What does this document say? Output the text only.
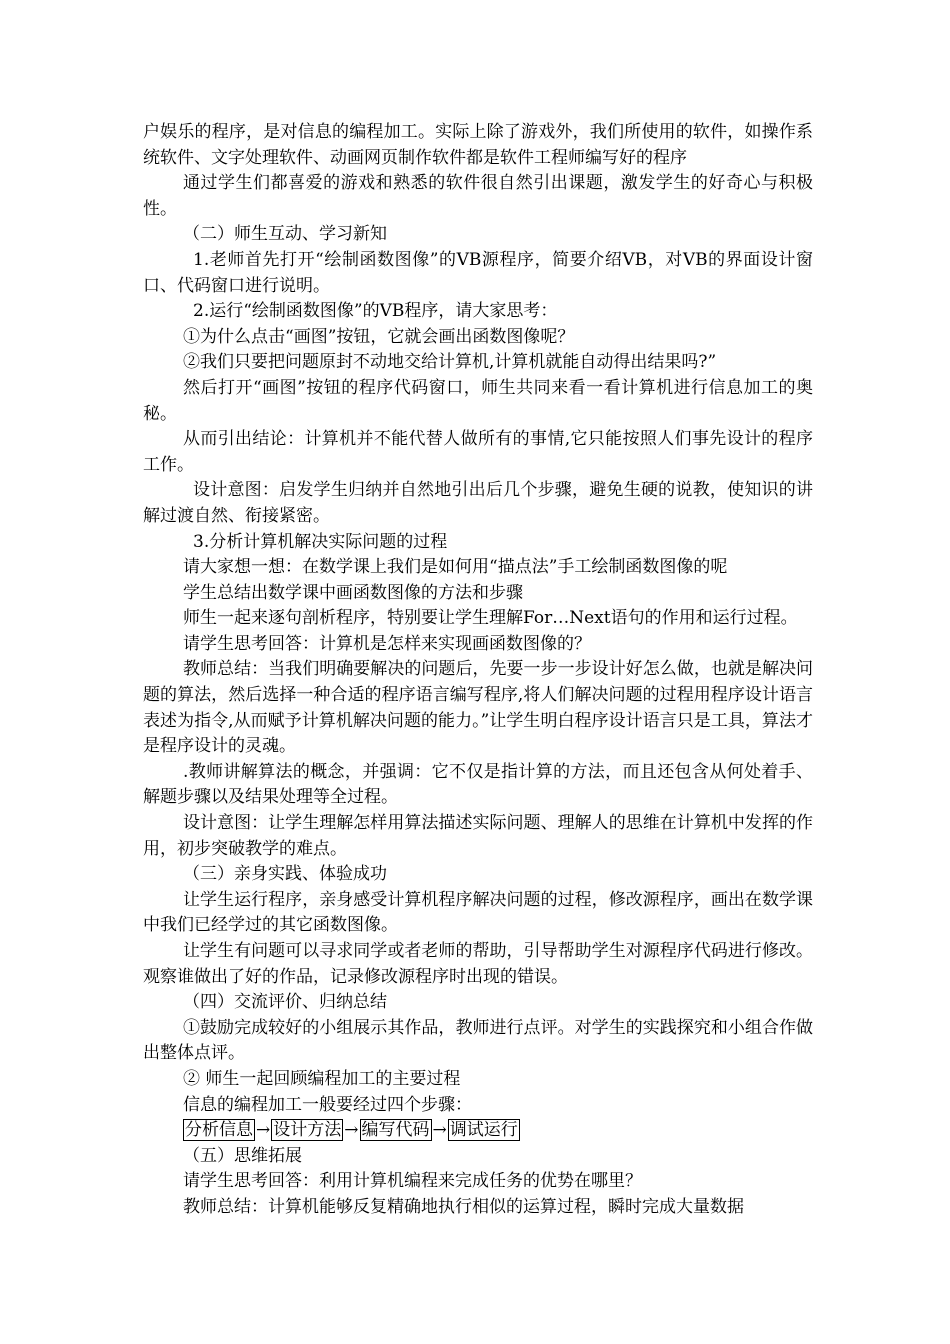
户娱乐的程序，是对信息的编程加工。实际上除了游戏外，我们所使用的软件，如操作系统软件、文字处理软件、动画网页制作软件都是软件工程师编写好的程序

通过学生们都喜爱的游戏和熟悉的软件很自然引出课题，激发学生的好奇心与积极性。

（二）师生互动、学习新知

1.老师首先打开“绘制函数图像”的VB源程序，简要介绍VB，对VB的界面设计窗口、代码窗口进行说明。

2.运行“绘制函数图像”的VB程序，请大家思考：

①为什么点击“画图”按钮，它就会画出函数图像呢？

②我们只要把问题原封不动地交给计算机,计算机就能自动得出结果吗?”

然后打开“画图”按钮的程序代码窗口，师生共同来看一看计算机进行信息加工的奥秘。

从而引出结论：计算机并不能代替人做所有的事情,它只能按照人们事先设计的程序工作。

设计意图：启发学生归纳并自然地引出后几个步骤，避免生硬的说教，使知识的讲解过渡自然、衔接紧密。

3.分析计算机解决实际问题的过程

请大家想一想：在数学课上我们是如何用“描点法”手工绘制函数图像的呢

学生总结出数学课中画函数图像的方法和步骤

师生一起来逐句剖析程序，特别要让学生理解For…Next语句的作用和运行过程。

请学生思考回答：计算机是怎样来实现画函数图像的？

教师总结：当我们明确要解决的问题后，先要一步一步设计好怎么做，也就是解决问题的算法，然后选择一种合适的程序语言编写程序,将人们解决问题的过程用程序设计语言表述为指令,从而赋予计算机解决问题的能力。”让学生明白程序设计语言只是工具，算法才是程序设计的灵魂。

.教师讲解算法的概念，并强调：它不仅是指计算的方法，而且还包含从何处着手、解题步骤以及结果处理等全过程。

设计意图：让学生理解怎样用算法描述实际问题、理解人的思维在计算机中发挥的作用，初步突破教学的难点。

（三）亲身实践、体验成功

让学生运行程序，亲身感受计算机程序解决问题的过程，修改源程序，画出在数学课中我们已经学过的其它函数图像。

让学生有问题可以寻求同学或者老师的帮助，引导帮助学生对源程序代码进行修改。观察谁做出了好的作品，记录修改源程序时出现的错误。

（四）交流评价、归纳总结

①鼓励完成较好的小组展示其作品，教师进行点评。对学生的实践探究和小组合作做出整体点评。

② 师生一起回顾编程加工的主要过程

信息的编程加工一般要经过四个步骤：

分析信息 → 设计方法 → 编写代码 → 调试运行

（五）思维拓展

请学生思考回答：利用计算机编程来完成任务的优势在哪里？

教师总结：计算机能够反复精确地执行相似的运算过程，瞬时完成大量数据
